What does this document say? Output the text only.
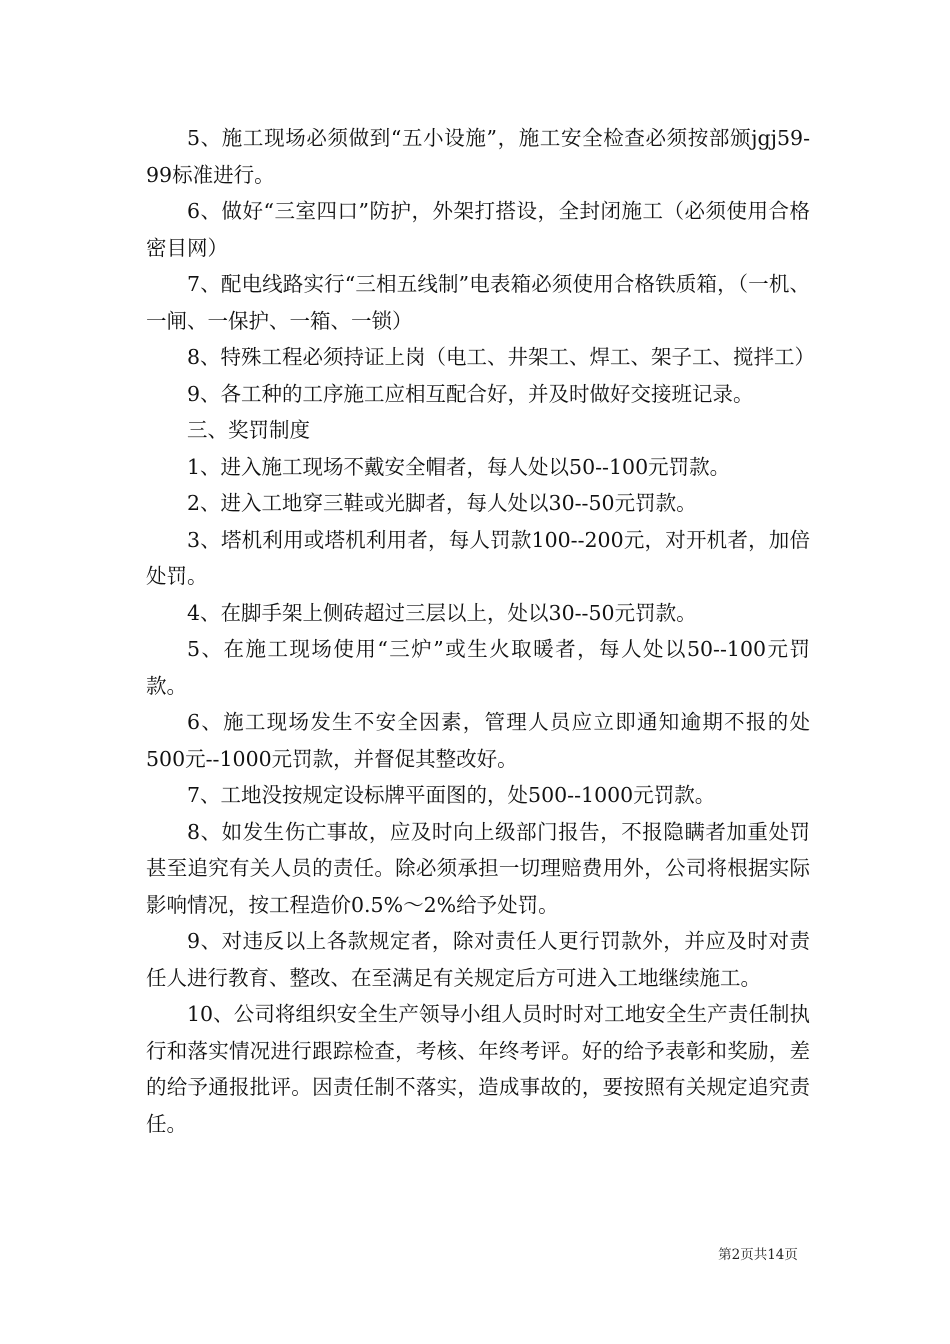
5、施工现场必须做到“五小设施”，施工安全检查必须按部颁jgj59-99标准进行。

6、做好“三室四口”防护，外架打搭设，全封闭施工（必须使用合格密目网）

7、配电线路实行“三相五线制”电表箱必须使用合格铁质箱，（一机、一闸、一保护、一箱、一锁）

8、特殊工程必须持证上岗（电工、井架工、焊工、架子工、搅拌工）

9、各工种的工序施工应相互配合好，并及时做好交接班记录。

三、奖罚制度

1、进入施工现场不戴安全帽者，每人处以50--100元罚款。

2、进入工地穿三鞋或光脚者，每人处以30--50元罚款。

3、塔机利用或塔机利用者，每人罚款100--200元，对开机者，加倍处罚。

4、在脚手架上侧砖超过三层以上，处以30--50元罚款。

5、在施工现场使用“三炉”或生火取暖者，每人处以50--100元罚款。

6、施工现场发生不安全因素，管理人员应立即通知逾期不报的处500元--1000元罚款，并督促其整改好。

7、工地没按规定设标牌平面图的，处500--1000元罚款。

8、如发生伤亡事故，应及时向上级部门报告，不报隐瞒者加重处罚甚至追究有关人员的责任。除必须承担一切理赔费用外，公司将根据实际影响情况，按工程造价0.5%～2%给予处罚。

9、对违反以上各款规定者，除对责任人更行罚款外，并应及时对责任人进行教育、整改、在至满足有关规定后方可进入工地继续施工。

10、公司将组织安全生产领导小组人员时时对工地安全生产责任制执行和落实情况进行跟踪检查，考核、年终考评。好的给予表彰和奖励，差的给予通报批评。因责任制不落实，造成事故的，要按照有关规定追究责任。

第2页共14页
